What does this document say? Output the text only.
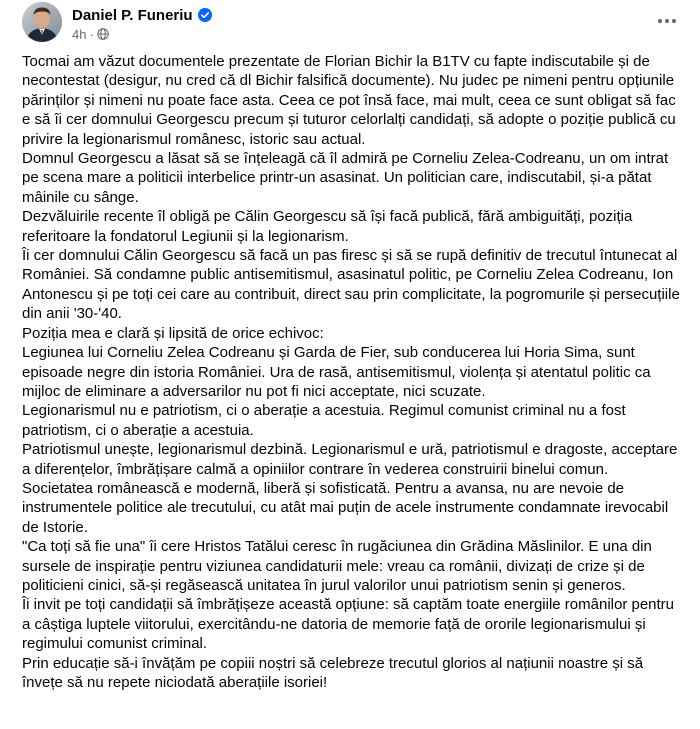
Daniel P. Funeriu
4h ·

Tocmai am văzut documentele prezentate de Florian Bichir la B1TV cu fapte indiscutabile și de necontestat (desigur, nu cred că dl Bichir falsifică documente). Nu judec pe nimeni pentru opțiunile părinților și nimeni nu poate face asta. Ceea ce pot însă face, mai mult, ceea ce sunt obligat să fac e să îi cer domnului Georgescu precum și tuturor celorlalți candidați, să adopte o poziție publică cu privire la legionarismul românesc, istoric sau actual.

Domnul Georgescu a lăsat să se înțeleagă că îl admiră pe Corneliu Zelea-Codreanu, un om intrat pe scena mare a politicii interbelice printr-un asasinat. Un politician care, indiscutabil, și-a pătat mâinile cu sânge.

Dezvăluirile recente îl obligă pe Călin Georgescu să își facă publică, fără ambiguități, poziția referitoare la fondatorul Legiunii și la legionarism.

Îi cer domnului Călin Georgescu să facă un pas firesc și să se rupă definitiv de trecutul întunecat al României. Să condamne public antisemitismul, asasinatul politic, pe Corneliu Zelea Codreanu, Ion Antonescu și pe toți cei care au contribuit, direct sau prin complicitate, la pogromurile și persecuțiile din anii '30-'40.

Poziția mea e clară și lipsită de orice echivoc:

Legiunea lui Corneliu Zelea Codreanu și Garda de Fier, sub conducerea lui Horia Sima, sunt episoade negre din istoria României. Ura de rasă, antisemitismul, violența și atentatul politic ca mijloc de eliminare a adversarilor nu pot fi nici acceptate, nici scuzate.

Legionarismul nu e patriotism, ci o aberație a acestuia. Regimul comunist criminal nu a fost patriotism, ci o aberație a acestuia.

Patriotismul unește, legionarismul dezbină. Legionarismul e ură, patriotismul e dragoste, acceptare a diferențelor, îmbrățișare calmă a opiniilor contrare în vederea construirii binelui comun.

Societatea românească e modernă, liberă și sofisticată. Pentru a avansa, nu are nevoie de instrumentele politice ale trecutului, cu atât mai puțin de acele instrumente condamnate irevocabil de Istorie.

"Ca toți să fie una" îi cere Hristos Tatălui ceresc în rugăciunea din Grădina Măslinilor. E una din sursele de inspirație pentru viziunea candidaturii mele: vreau ca românii, divizați de crize și de politicieni cinici, să-și regăsească unitatea în jurul valorilor unui patriotism senin și generos.

Îi invit pe toți candidații să îmbrățișeze această opțiune: să captăm toate energiile românilor pentru a câștiga luptele viitorului, exercitându-ne datoria de memorie față de ororile legionarismului și regimului comunist criminal.

Prin educație să-i învățăm pe copiii noștri să celebreze trecutul glorios al națiunii noastre și să învețe să nu repete niciodată aberațiile isoriei!
